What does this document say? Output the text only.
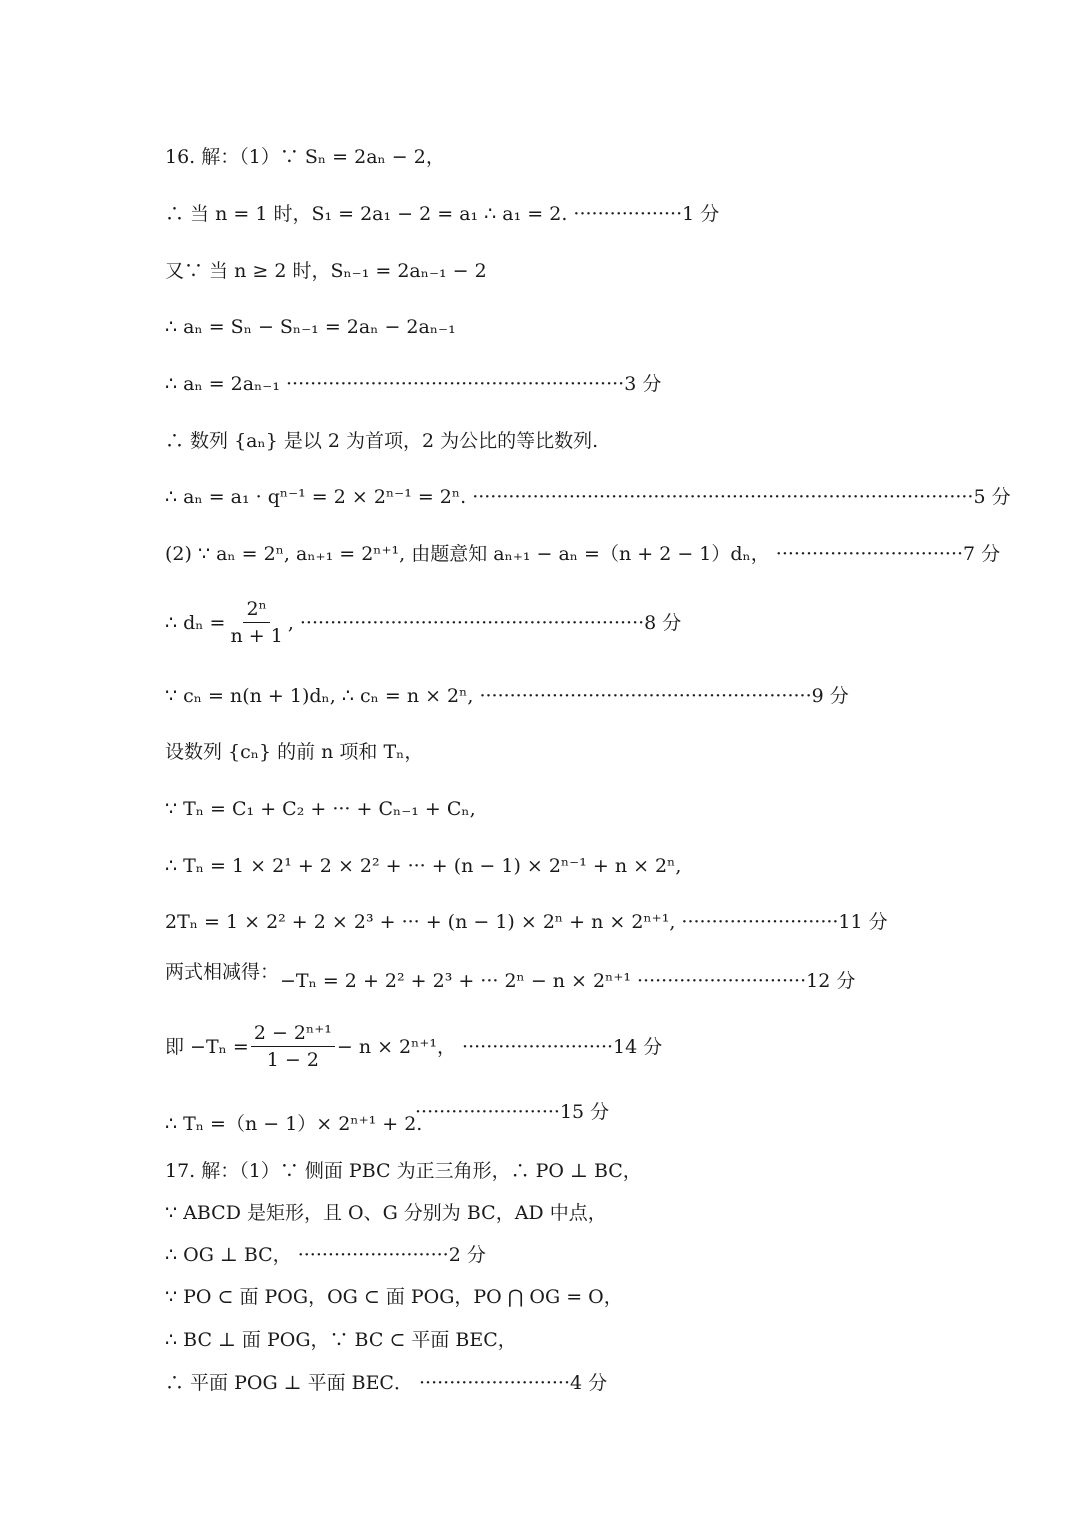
16. 解：（1）∵ Sₙ = 2aₙ − 2，
∴ 当 n = 1 时，S₁ = 2a₁ − 2 = a₁ ∴ a₁ = 2. ··················1 分
又∵ 当 n ≥ 2 时，Sₙ₋₁ = 2aₙ₋₁ − 2
∴ aₙ = Sₙ − Sₙ₋₁ = 2aₙ − 2aₙ₋₁
∴ aₙ = 2aₙ₋₁ ························································3 分
∴ 数列 {aₙ} 是以 2 为首项，2 为公比的等比数列.
∴ aₙ = a₁ · qⁿ⁻¹ = 2 × 2ⁿ⁻¹ = 2ⁿ. ···················································································5 分
(2) ∵ aₙ = 2ⁿ, aₙ₊₁ = 2ⁿ⁺¹, 由题意知 aₙ₊₁ − aₙ =（n + 2 − 1）dₙ， ·······························7 分
∴ $d_n = \frac{\text{2ⁿ}}{n + 1}$ , ·························································8 分
∵ cₙ = n(n + 1)dₙ, ∴ cₙ = n × 2ⁿ, ·······················································9 分
设数列 {cₙ} 的前 n 项和 Tₙ，
∵ Tₙ = C₁ + C₂ + ··· + Cₙ₋₁ + Cₙ,
∴ Tₙ = 1 × 2¹ + 2 × 2² + ··· + (n − 1) × 2ⁿ⁻¹ + n × 2ⁿ,
2Tₙ = 1 × 2² + 2 × 2³ + ··· + (n − 1) × 2ⁿ + n × 2ⁿ⁺¹, ··························11 分
两式相减得： −Tₙ = 2 + 2² + 2³ + ··· 2ⁿ − n × 2ⁿ⁺¹ ····························12 分
即 $-T_n = \frac{\text{2 − 2ⁿ⁺¹}}{1 - 2} - n \times 2^{n+1}$， ·························14 分
························15 分
∴ Tₙ =（n − 1）× 2ⁿ⁺¹ + 2.
17. 解：（1）∵ 侧面 PBC 为正三角形，∴ PO ⊥ BC，
∵ ABCD 是矩形，且 O、G 分别为 BC，AD 中点，
∴ OG ⊥ BC， ·························2 分
∵ PO ⊂ 面 POG，OG ⊂ 面 POG，PO ⋂ OG = O，
∴ BC ⊥ 面 POG，∵ BC ⊂ 平面 BEC，
∴ 平面 POG ⊥ 平面 BEC． ·························4 分
